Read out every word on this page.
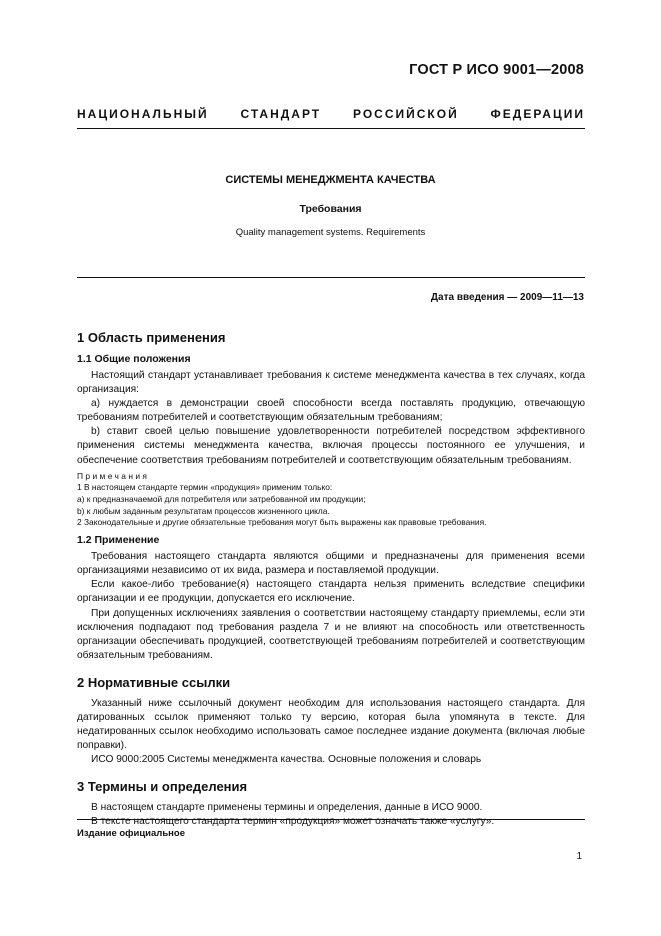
ГОСТ Р ИСО 9001—2008
НАЦИОНАЛЬНЫЙ СТАНДАРТ РОССИЙСКОЙ ФЕДЕРАЦИИ
СИСТЕМЫ МЕНЕДЖМЕНТА КАЧЕСТВА
Требования
Quality management systems. Requirements
Дата введения — 2009—11—13
1 Область применения
1.1 Общие положения

Настоящий стандарт устанавливает требования к системе менеджмента качества в тех случаях, когда организация:

a) нуждается в демонстрации своей способности всегда поставлять продукцию, отвечающую требованиям потребителей и соответствующим обязательным требованиям;

b) ставит своей целью повышение удовлетворенности потребителей посредством эффективного применения системы менеджмента качества, включая процессы постоянного ее улучшения, и обеспечение соответствия требованиям потребителей и соответствующим обязательным требованиям.

Примечания
1 В настоящем стандарте термин «продукция» применим только:
a) к предназначаемой для потребителя или затребованной им продукции;
b) к любым заданным результатам процессов жизненного цикла.
2 Законодательные и другие обязательные требования могут быть выражены как правовые требования.
1.2 Применение

Требования настоящего стандарта являются общими и предназначены для применения всеми организациями независимо от их вида, размера и поставляемой продукции.

Если какое-либо требование(я) настоящего стандарта нельзя применить вследствие специфики организации и ее продукции, допускается его исключение.

При допущенных исключениях заявления о соответствии настоящему стандарту приемлемы, если эти исключения подпадают под требования раздела 7 и не влияют на способность или ответственность организации обеспечивать продукцией, соответствующей требованиям потребителей и соответствующим обязательным требованиям.

2 Нормативные ссылки

Указанный ниже ссылочный документ необходим для использования настоящего стандарта. Для датированных ссылок применяют только ту версию, которая была упомянута в тексте. Для недатированных ссылок необходимо использовать самое последнее издание документа (включая любые поправки).

ИСО 9000:2005 Системы менеджмента качества. Основные положения и словарь

3 Термины и определения

В настоящем стандарте применены термины и определения, данные в ИСО 9000.

В тексте настоящего стандарта термин «продукция» может означать также «услугу».

Издание официальное
1
